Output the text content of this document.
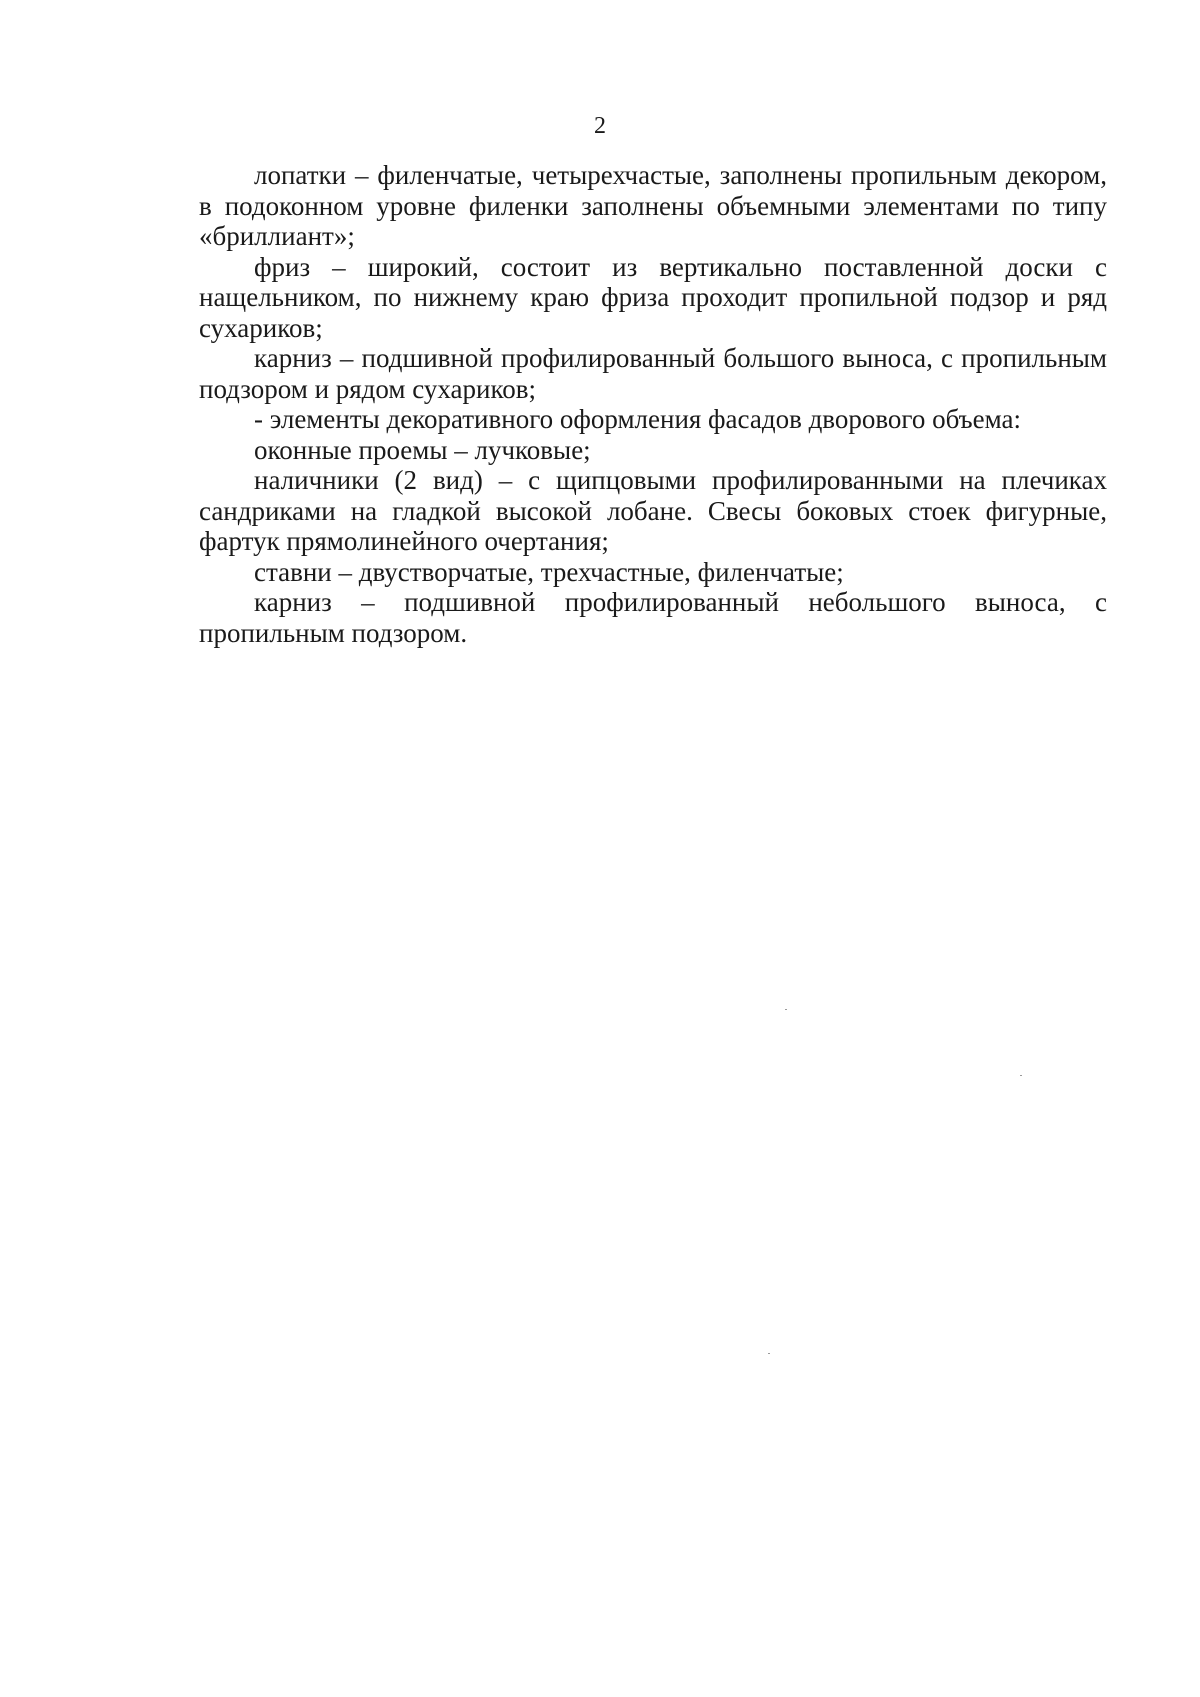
2

лопатки – филенчатые, четырехчастые, заполнены пропильным декором, в подоконном уровне филенки заполнены объемными элементами по типу «бриллиант»;

фриз – широкий, состоит из вертикально поставленной доски с нащельником, по нижнему краю фриза проходит пропильной подзор и ряд сухариков;

карниз – подшивной профилированный большого выноса, с пропильным подзором и рядом сухариков;

- элементы декоративного оформления фасадов дворового объема:

оконные проемы – лучковые;

наличники (2 вид) – с щипцовыми профилированными на плечиках сандриками на гладкой высокой лобане. Свесы боковых стоек фигурные, фартук прямолинейного очертания;

ставни – двустворчатые, трехчастные, филенчатые;

карниз – подшивной профилированный небольшого выноса, с пропильным подзором.
